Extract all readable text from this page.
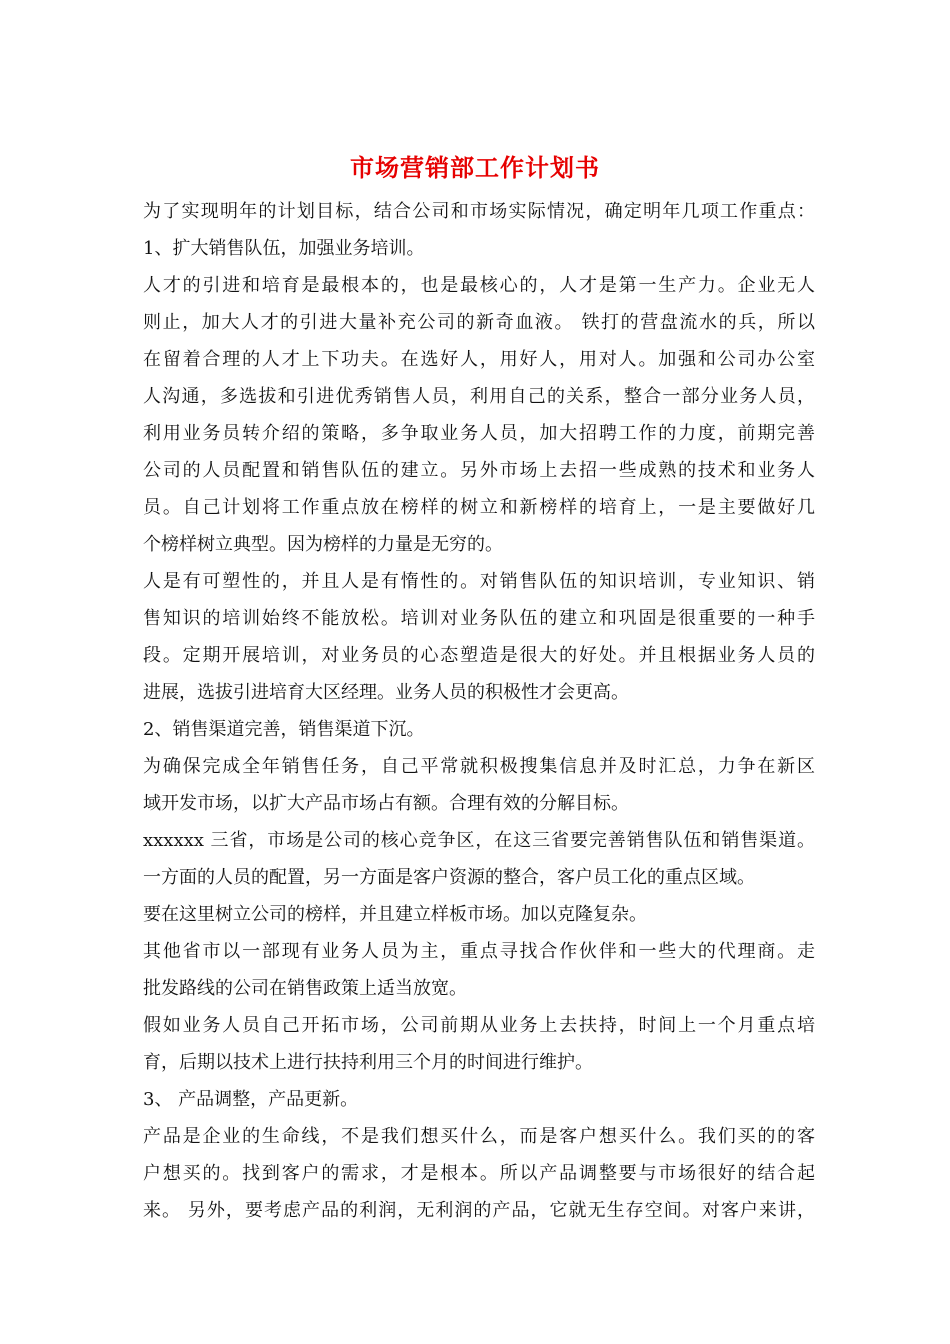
市场营销部工作计划书

为了实现明年的计划目标，结合公司和市场实际情况，确定明年几项工作重点：

1、扩大销售队伍，加强业务培训。

人才的引进和培育是最根本的，也是最核心的，人才是第一生产力。企业无人

则止，加大人才的引进大量补充公司的新奇血液。 铁打的营盘流水的兵，所以

在留着合理的人才上下功夫。在选好人，用好人，用对人。加强和公司办公室

人沟通，多选拔和引进优秀销售人员，利用自己的关系，整合一部分业务人员，

利用业务员转介绍的策略，多争取业务人员，加大招聘工作的力度，前期完善

公司的人员配置和销售队伍的建立。另外市场上去招一些成熟的技术和业务人

员。自己计划将工作重点放在榜样的树立和新榜样的培育上，一是主要做好几

个榜样树立典型。因为榜样的力量是无穷的。

人是有可塑性的，并且人是有惰性的。对销售队伍的知识培训，专业知识、销

售知识的培训始终不能放松。培训对业务队伍的建立和巩固是很重要的一种手

段。定期开展培训，对业务员的心态塑造是很大的好处。并且根据业务人员的

进展，选拔引进培育大区经理。业务人员的积极性才会更高。

2、销售渠道完善，销售渠道下沉。

为确保完成全年销售任务，自己平常就积极搜集信息并及时汇总，力争在新区

域开发市场，以扩大产品市场占有额。合理有效的分解目标。

xxxxxx 三省，市场是公司的核心竞争区，在这三省要完善销售队伍和销售渠道。

一方面的人员的配置，另一方面是客户资源的整合，客户员工化的重点区域。

要在这里树立公司的榜样，并且建立样板市场。加以克隆复杂。

其他省市以一部现有业务人员为主，重点寻找合作伙伴和一些大的代理商。走

批发路线的公司在销售政策上适当放宽。

假如业务人员自己开拓市场，公司前期从业务上去扶持，时间上一个月重点培

育，后期以技术上进行扶持利用三个月的时间进行维护。

3、 产品调整，产品更新。

产品是企业的生命线，不是我们想买什么，而是客户想买什么。我们买的的客

户想买的。找到客户的需求，才是根本。所以产品调整要与市场很好的结合起

来。 另外，要考虑产品的利润，无利润的产品，它就无生存空间。对客户来讲，
